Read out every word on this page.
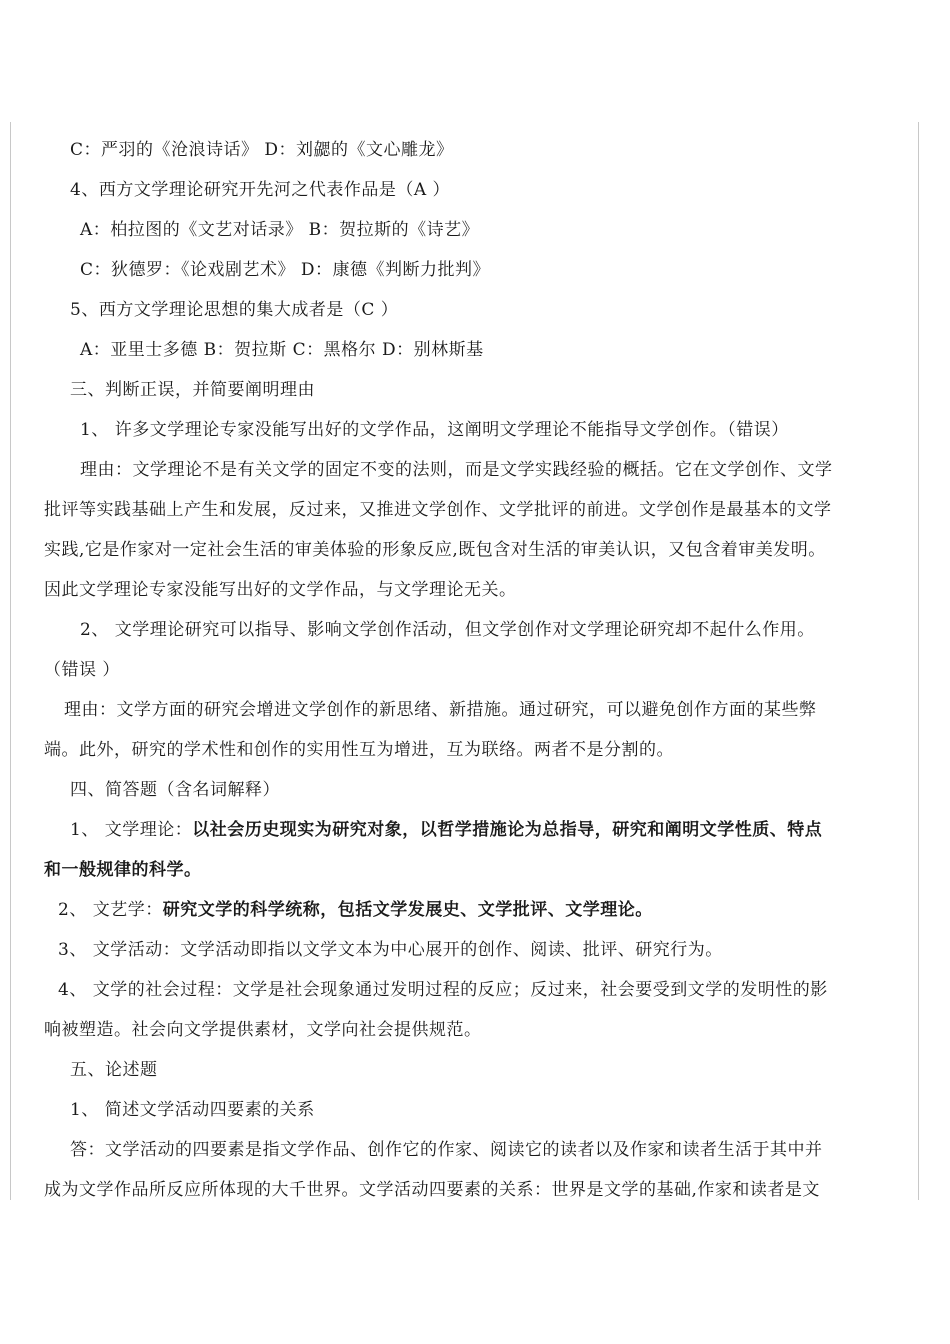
C：严羽的《沧浪诗话》 D：刘勰的《文心雕龙》
4、西方文学理论研究开先河之代表作品是（A ）
A：柏拉图的《文艺对话录》 B：贺拉斯的《诗艺》
C：狄德罗：《论戏剧艺术》 D：康德《判断力批判》
5、西方文学理论思想的集大成者是（C ）
A：亚里士多德 B：贺拉斯 C：黑格尔 D：别林斯基
三、判断正误，并简要阐明理由
1、 许多文学理论专家没能写出好的文学作品，这阐明文学理论不能指导文学创作。（错误）
理由：文学理论不是有关文学的固定不变的法则，而是文学实践经验的概括。它在文学创作、文学
批评等实践基础上产生和发展，反过来，又推进文学创作、文学批评的前进。文学创作是最基本的文学
实践,它是作家对一定社会生活的审美体验的形象反应,既包含对生活的审美认识，又包含着审美发明。
因此文学理论专家没能写出好的文学作品，与文学理论无关。
2、 文学理论研究可以指导、影响文学创作活动，但文学创作对文学理论研究却不起什么作用。
（错误 ）
理由：文学方面的研究会增进文学创作的新思绪、新措施。通过研究，可以避免创作方面的某些弊
端。此外，研究的学术性和创作的实用性互为增进，互为联络。两者不是分割的。
四、简答题（含名词解释）
1、 文学理论：以社会历史现实为研究对象，以哲学措施论为总指导，研究和阐明文学性质、特点
和一般规律的科学。
2、 文艺学：研究文学的科学统称，包括文学发展史、文学批评、文学理论。
3、 文学活动：文学活动即指以文学文本为中心展开的创作、阅读、批评、研究行为。
4、 文学的社会过程：文学是社会现象通过发明过程的反应；反过来，社会要受到文学的发明性的影
响被塑造。社会向文学提供素材，文学向社会提供规范。
五、论述题
1、 简述文学活动四要素的关系
答：文学活动的四要素是指文学作品、创作它的作家、阅读它的读者以及作家和读者生活于其中并
成为文学作品所反应所体现的大千世界。文学活动四要素的关系：世界是文学的基础,作家和读者是文
